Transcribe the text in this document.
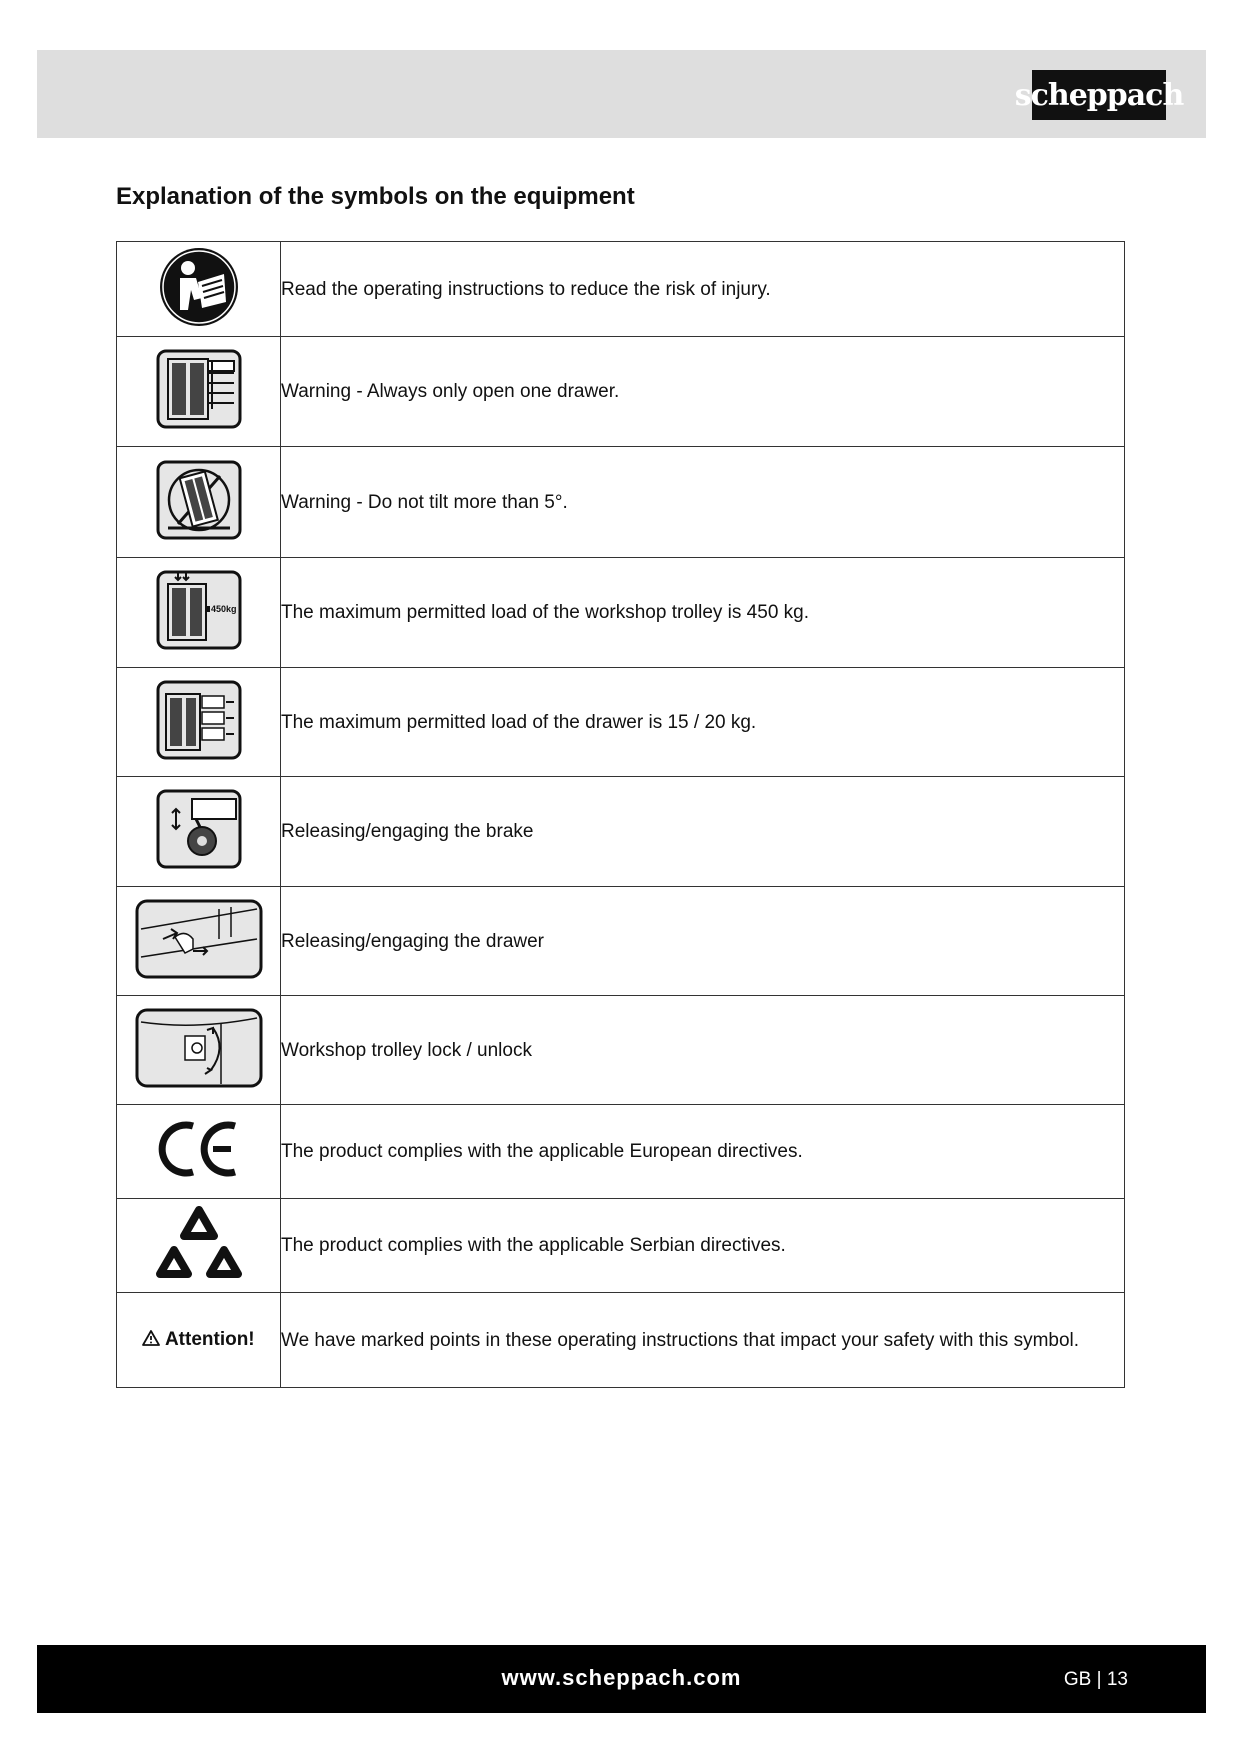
scheppach
Explanation of the symbols on the equipment
	Read the operating instructions to reduce the risk of injury.
	Warning - Always only open one drawer.
	Warning - Do not tilt more than 5°.

450kg	The maximum permitted load of the workshop trolley is 450 kg.
	The maximum permitted load of the drawer is 15 / 20 kg.
	Releasing/engaging the brake
	Releasing/engaging the drawer
	Workshop trolley lock / unlock
	The product complies with the applicable European directives.
	The product complies with the applicable Serbian directives.
Attention!	We have marked points in these operating instructions that impact your safety with this symbol.
www.scheppach.com	GB | 13
